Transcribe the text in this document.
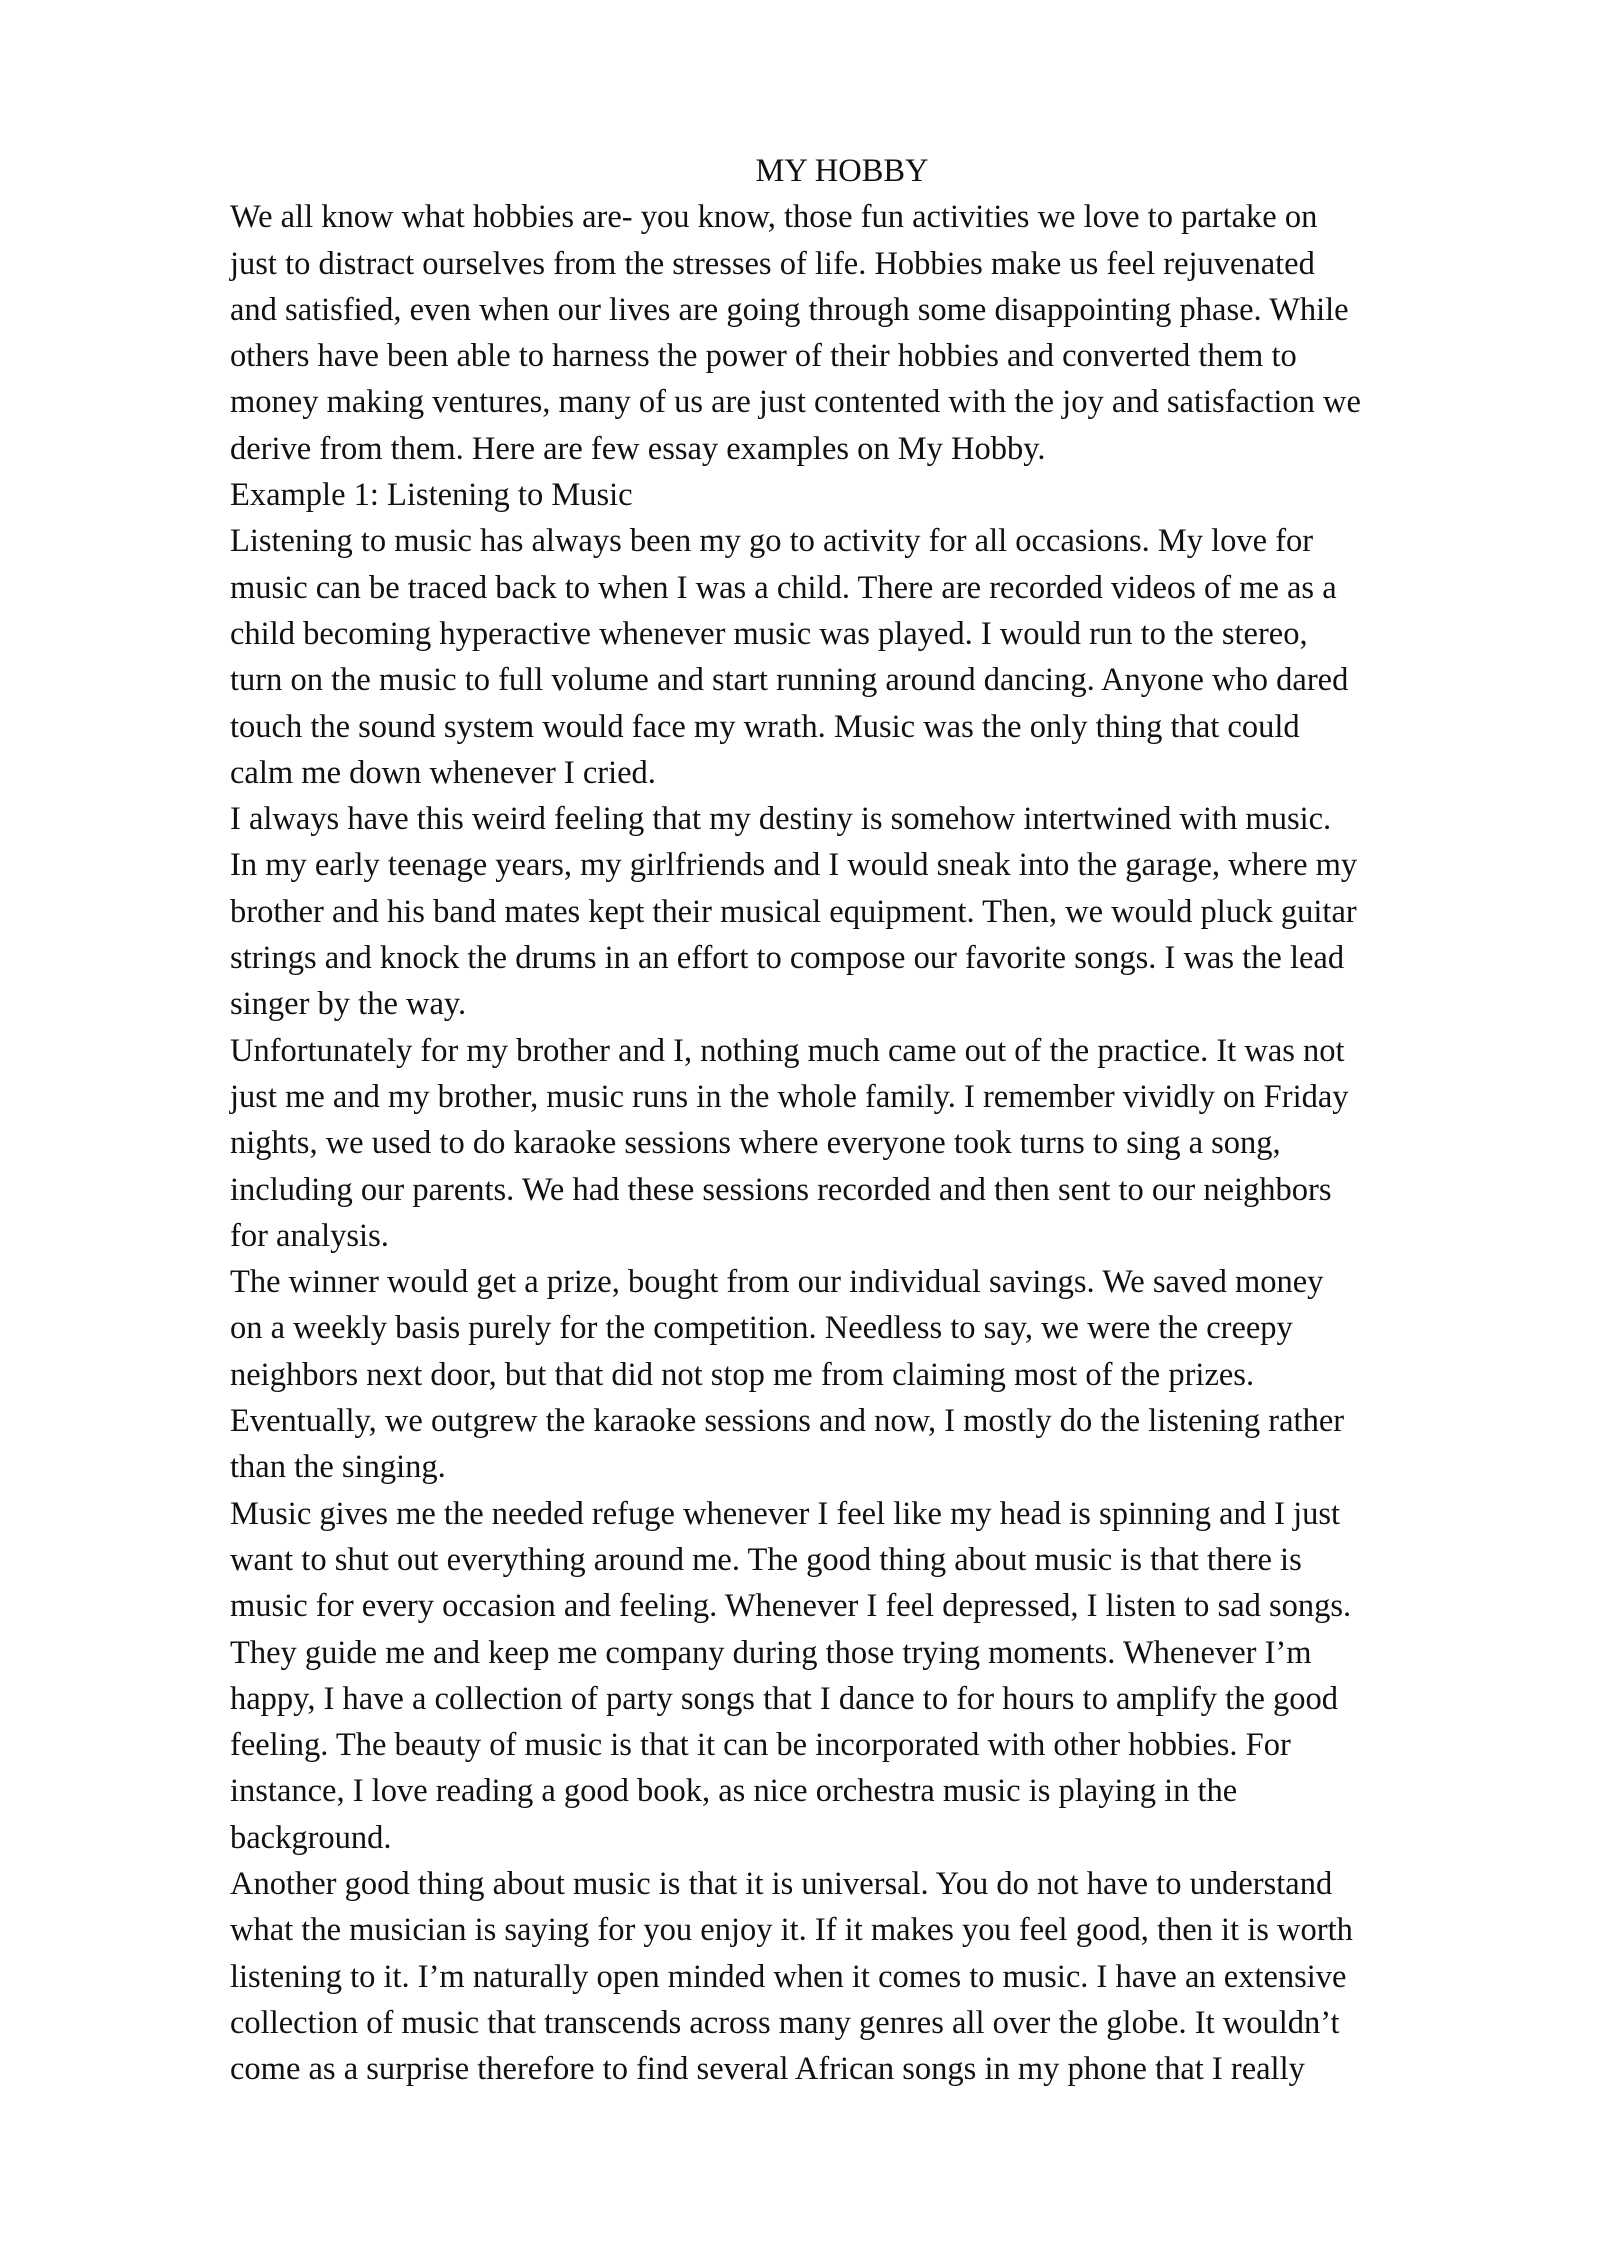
MY HOBBY
We all know what hobbies are- you know, those fun activities we love to partake on
just to distract ourselves from the stresses of life. Hobbies make us feel rejuvenated
and satisfied, even when our lives are going through some disappointing phase. While
others have been able to harness the power of their hobbies and converted them to
money making ventures, many of us are just contented with the joy and satisfaction we
derive from them. Here are few essay examples on My Hobby.
Example 1: Listening to Music
Listening to music has always been my go to activity for all occasions. My love for
music can be traced back to when I was a child. There are recorded videos of me as a
child becoming hyperactive whenever music was played. I would run to the stereo,
turn on the music to full volume and start running around dancing. Anyone who dared
touch the sound system would face my wrath. Music was the only thing that could
calm me down whenever I cried.
I always have this weird feeling that my destiny is somehow intertwined with music.
In my early teenage years, my girlfriends and I would sneak into the garage, where my
brother and his band mates kept their musical equipment. Then, we would pluck guitar
strings and knock the drums in an effort to compose our favorite songs. I was the lead
singer by the way.
Unfortunately for my brother and I, nothing much came out of the practice. It was not
just me and my brother, music runs in the whole family. I remember vividly on Friday
nights, we used to do karaoke sessions where everyone took turns to sing a song,
including our parents. We had these sessions recorded and then sent to our neighbors
for analysis.
The winner would get a prize, bought from our individual savings. We saved money
on a weekly basis purely for the competition. Needless to say, we were the creepy
neighbors next door, but that did not stop me from claiming most of the prizes.
Eventually, we outgrew the karaoke sessions and now, I mostly do the listening rather
than the singing.
Music gives me the needed refuge whenever I feel like my head is spinning and I just
want to shut out everything around me. The good thing about music is that there is
music for every occasion and feeling. Whenever I feel depressed, I listen to sad songs.
They guide me and keep me company during those trying moments. Whenever I’m
happy, I have a collection of party songs that I dance to for hours to amplify the good
feeling. The beauty of music is that it can be incorporated with other hobbies. For
instance, I love reading a good book, as nice orchestra music is playing in the
background.
Another good thing about music is that it is universal. You do not have to understand
what the musician is saying for you enjoy it. If it makes you feel good, then it is worth
listening to it. I’m naturally open minded when it comes to music. I have an extensive
collection of music that transcends across many genres all over the globe. It wouldn’t
come as a surprise therefore to find several African songs in my phone that I really
